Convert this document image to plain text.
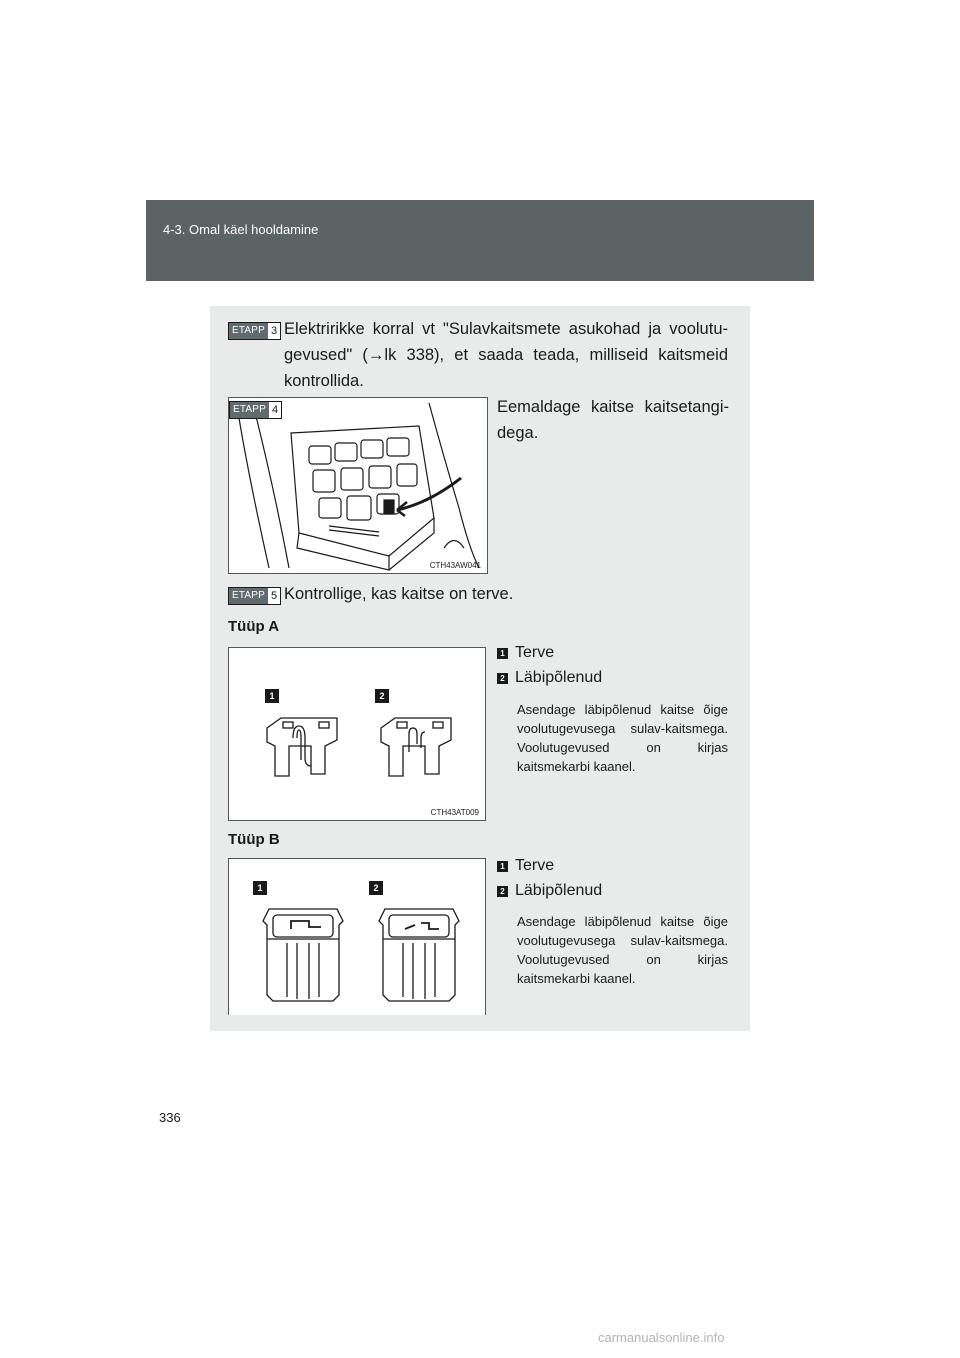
4-3. Omal käel hooldamine
ETAPP 3 Elektririkke korral vt "Sulavkaitsmete asukohad ja voolutu-gevused" (→lk 338), et saada teada, milliseid kaitsmeid kontrollida.
ETAPP 4
CTH43AW041
Eemaldage kaitse kaitsetangi-dega.
ETAPP 5 Kontrollige, kas kaitse on terve.
Tüüp A
1	2
CTH43AT009
1 Terve
2 Läbipõlenud
Asendage läbipõlenud kaitse õige voolutugevusega sulav-kaitsmega. Voolutugevused on kirjas kaitsmekarbi kaanel.
Tüüp B
1	2
1 Terve
2 Läbipõlenud
Asendage läbipõlenud kaitse õige voolutugevusega sulav-kaitsmega. Voolutugevused on kirjas kaitsmekarbi kaanel.
336
carmanualsonline.info
